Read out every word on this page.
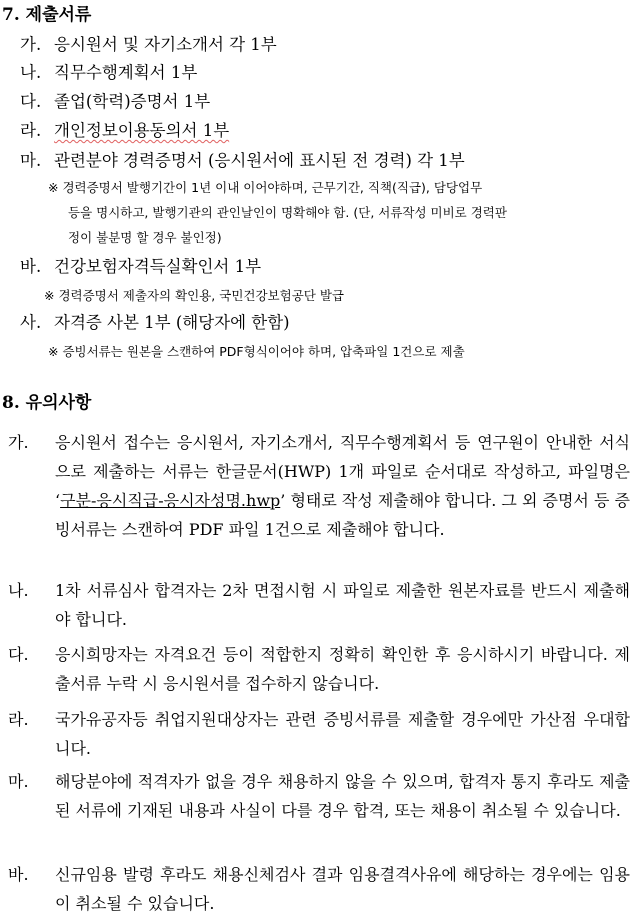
7. 제출서류
가. 응시원서 및 자기소개서 각 1부
나. 직무수행계획서 1부
다. 졸업(학력)증명서 1부
라. 개인정보이용동의서 1부
마. 관련분야 경력증명서 (응시원서에 표시된 전 경력) 각 1부
※ 경력증명서 발행기간이 1년 이내 이어야하며, 근무기간, 직책(직급), 담당업무
등을 명시하고, 발행기관의 관인날인이 명확해야 함. (단, 서류작성 미비로 경력판
정이 불분명 할 경우 불인정)
바. 건강보험자격득실확인서 1부
※ 경력증명서 제출자의 확인용, 국민건강보험공단 발급
사. 자격증 사본 1부 (해당자에 한함)
※ 증빙서류는 원본을 스캔하여 PDF형식이어야 하며, 압축파일 1건으로 제출
8. 유의사항
가. 응시원서 접수는 응시원서, 자기소개서, 직무수행계획서 등 연구원이 안내한 서식으로 제출하는 서류는 한글문서(HWP) 1개 파일로 순서대로 작성하고, 파일명은 ‘구분-응시직급-응시자성명.hwp’ 형태로 작성 제출해야 합니다. 그 외 증명서 등 증빙서류는 스캔하여 PDF 파일 1건으로 제출해야 합니다.
나. 1차 서류심사 합격자는 2차 면접시험 시 파일로 제출한 원본자료를 반드시 제출해야 합니다.
다. 응시희망자는 자격요건 등이 적합한지 정확히 확인한 후 응시하시기 바랍니다. 제출서류 누락 시 응시원서를 접수하지 않습니다.
라. 국가유공자등 취업지원대상자는 관련 증빙서류를 제출할 경우에만 가산점 우대합니다.
마. 해당분야에 적격자가 없을 경우 채용하지 않을 수 있으며, 합격자 통지 후라도 제출된 서류에 기재된 내용과 사실이 다를 경우 합격, 또는 채용이 취소될 수 있습니다.
바. 신규임용 발령 후라도 채용신체검사 결과 임용결격사유에 해당하는 경우에는 임용이 취소될 수 있습니다.
